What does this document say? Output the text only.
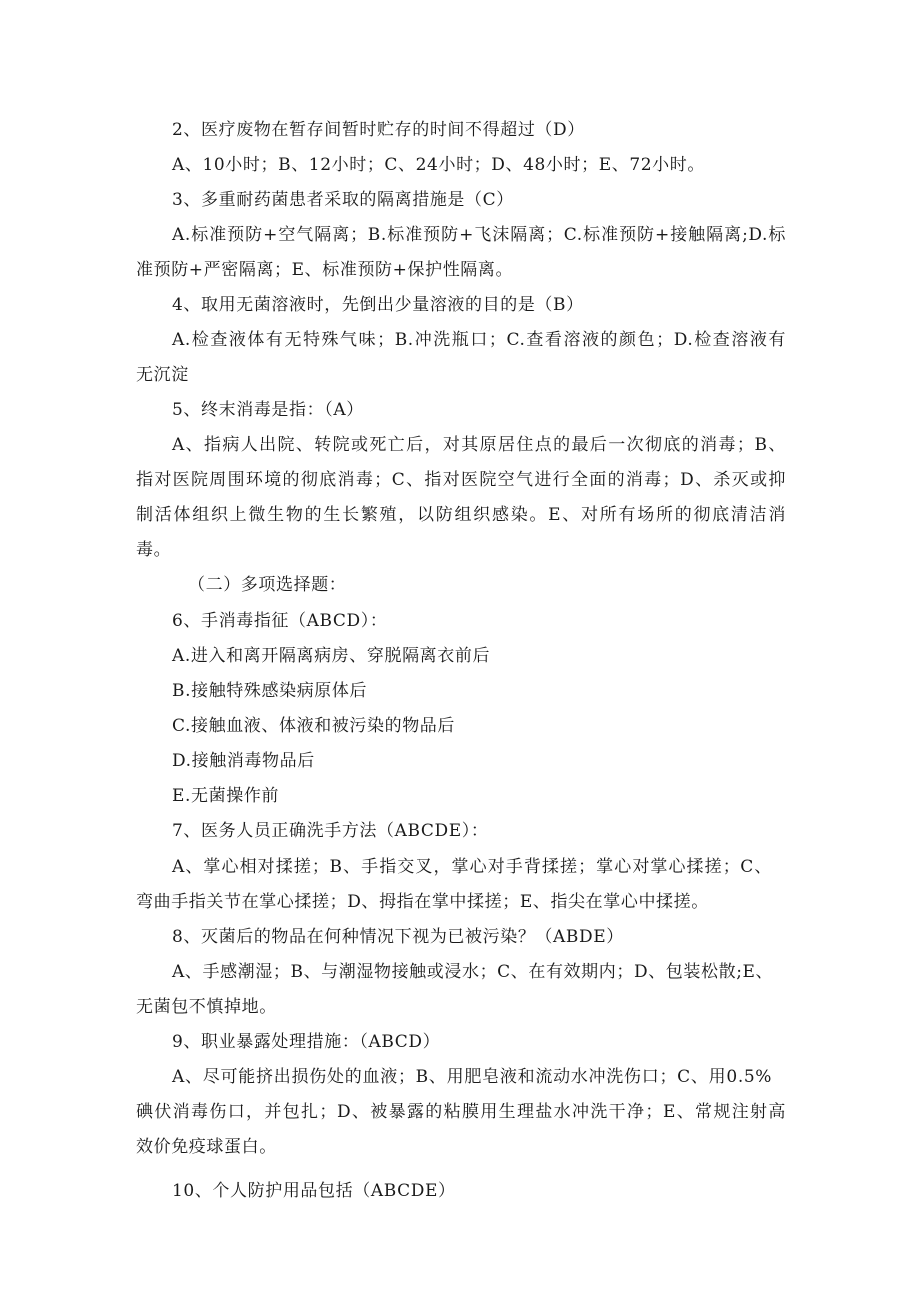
2、医疗废物在暂存间暂时贮存的时间不得超过（D）
A、10小时；B、12小时；C、24小时；D、48小时；E、72小时。
3、多重耐药菌患者采取的隔离措施是（C）
A.标准预防+空气隔离；B.标准预防+飞沫隔离；C.标准预防+接触隔离;D.标
准预防+严密隔离；E、标准预防+保护性隔离。
4、取用无菌溶液时，先倒出少量溶液的目的是（B）
A.检查液体有无特殊气味；B.冲洗瓶口；C.查看溶液的颜色；D.检查溶液有
无沉淀
5、终末消毒是指：（A）
A、指病人出院、转院或死亡后，对其原居住点的最后一次彻底的消毒；B、
指对医院周围环境的彻底消毒；C、指对医院空气进行全面的消毒；D、杀灭或抑
制活体组织上微生物的生长繁殖，以防组织感染。E、对所有场所的彻底清洁消
毒。
（二）多项选择题：
6、手消毒指征（ABCD）：
A.进入和离开隔离病房、穿脱隔离衣前后
B.接触特殊感染病原体后
C.接触血液、体液和被污染的物品后
D.接触消毒物品后
E.无菌操作前
7、医务人员正确洗手方法（ABCDE）：
A、掌心相对揉搓；B、手指交叉，掌心对手背揉搓；掌心对掌心揉搓；C、
弯曲手指关节在掌心揉搓；D、拇指在掌中揉搓；E、指尖在掌心中揉搓。
8、灭菌后的物品在何种情况下视为已被污染？（ABDE）
A、手感潮湿；B、与潮湿物接触或浸水；C、在有效期内；D、包装松散;E、
无菌包不慎掉地。
9、职业暴露处理措施：（ABCD）
A、尽可能挤出损伤处的血液；B、用肥皂液和流动水冲洗伤口；C、用0.5%
碘伏消毒伤口，并包扎；D、被暴露的粘膜用生理盐水冲洗干净；E、常规注射高
效价免疫球蛋白。
10、个人防护用品包括（ABCDE）
